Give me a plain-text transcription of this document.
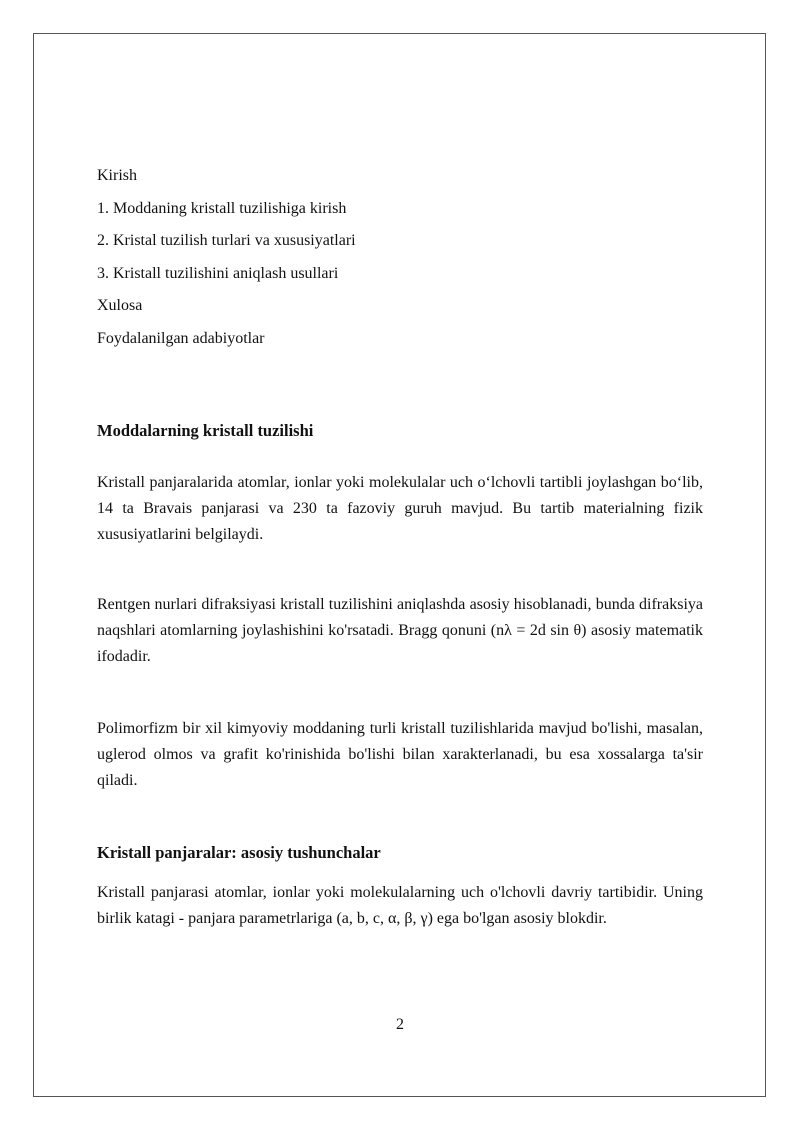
Kirish
1. Moddaning kristall tuzilishiga kirish
2. Kristal tuzilish turlari va xususiyatlari
3. Kristall tuzilishini aniqlash usullari
Xulosa
Foydalanilgan adabiyotlar
Moddalarning kristall tuzilishi
Kristall panjaralarida atomlar, ionlar yoki molekulalar uch o‘lchovli tartibli joylashgan bo‘lib, 14 ta Bravais panjarasi va 230 ta fazoviy guruh mavjud. Bu tartib materialning fizik xususiyatlarini belgilaydi.
Rentgen nurlari difraksiyasi kristall tuzilishini aniqlashda asosiy hisoblanadi, bunda difraksiya naqshlari atomlarning joylashishini ko'rsatadi. Bragg qonuni (nλ = 2d sin θ) asosiy matematik ifodadir.
Polimorfizm bir xil kimyoviy moddaning turli kristall tuzilishlarida mavjud bo'lishi, masalan, uglerod olmos va grafit ko'rinishida bo'lishi bilan xarakterlanadi, bu esa xossalarga ta'sir qiladi.
Kristall panjaralar: asosiy tushunchalar
Kristall panjarasi atomlar, ionlar yoki molekulalarning uch o'lchovli davriy tartibidir. Uning birlik katagi - panjara parametrlariga (a, b, c, α, β, γ) ega bo'lgan asosiy blokdir.
2
